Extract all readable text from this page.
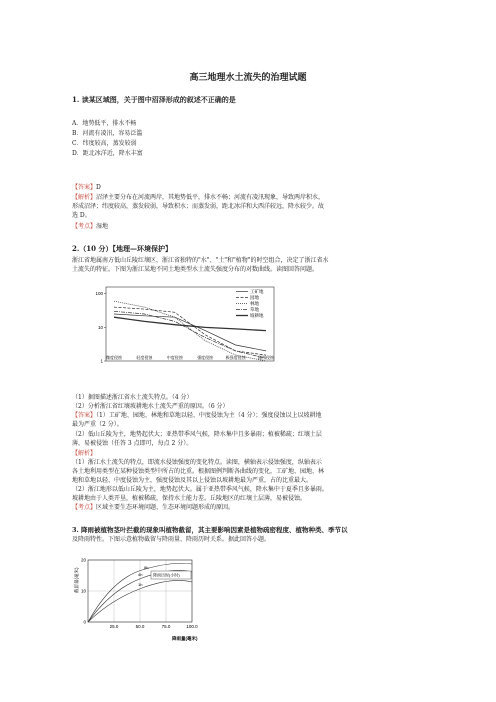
高三地理水土流失的治理试题
1. 读某区域图，关于图中沼泽形成的叙述不正确的是
A．地势低平，排水不畅
B．河流有凌汛，容易泛滥
C．纬度较高，蒸发较弱
D．距北冰洋近，降水丰富
【答案】D
【解析】沼泽主要分布在河流两岸，其地势低平，排水不畅；河流有凌汛现象，导致两岸积水，
形成沼泽；纬度较高，蒸发较弱，导致积水；而蒸发弱，距北冰洋和大西洋较远，降水较少。故
选 D。
【考点】湿地
2.（10 分）【地理—环境保护】
浙江省地属南方低山丘陵红壤区，浙江省独特的"水"、"土"和"植物"的时空组合，决定了浙江省水
土流失的特征。下图为浙江某地不同土地类型水土流失强度分布的对数曲线。读图回答问题。
100
10
1
工矿地
园地
林地
草地
坡耕地
微度侵蚀	轻度侵蚀	中度侵蚀	强度侵蚀	极强度侵蚀	剧烈侵蚀
（1）据图描述浙江省水土流失特点。（4 分）
（2）分析浙江省红壤坡耕地水土流失严重的原因。（6 分）
【答案】（1）工矿地、园地、林地和草地以轻、中度侵蚀为主（4 分）；强度侵蚀以上以坡耕地
最为严重（2 分）。
（2）低山丘陵为主，地势起伏大；亚热带季风气候，降水集中且多暴雨；植被稀疏；红壤土层
薄，易被侵蚀（任答 3 点即可，每点 2 分）。
【解析】
（1）浙江水土流失的特点，即流水侵蚀强度的变化特点。读图，横轴表示侵蚀强度，纵轴表示
各土地利用类型在某种侵蚀类型中所占的比重。根据图例判断各曲线的变化，工矿地、园地、林
地和草地以轻、中度侵蚀为主，强度侵蚀及其以上侵蚀以坡耕地最为严重，占的比重最大。
（2）浙江地形以低山丘陵为主，地势起伏大。属于亚热带季风气候，降水集中于夏季且多暴雨。
坡耕地由于人类开垦，植被稀疏，保持水土能力差。丘陵地区的红壤土层薄，易被侵蚀。
【考点】区域主要生态环境问题、生态环境问题形成的原因。
3. 降雨被植物茎叶拦截的现象叫植物截留，其主要影响因素是植物疏密程度、植物种类、季节以
及降雨特性。下图示意植物截留与降雨量、降雨历时关系。据此回答小题。
截留量(毫米)	降雨历时(小时)
8h
4h
1h
20
10
0
25.0	50.0	75.0	100.0
降雨量(毫米)
